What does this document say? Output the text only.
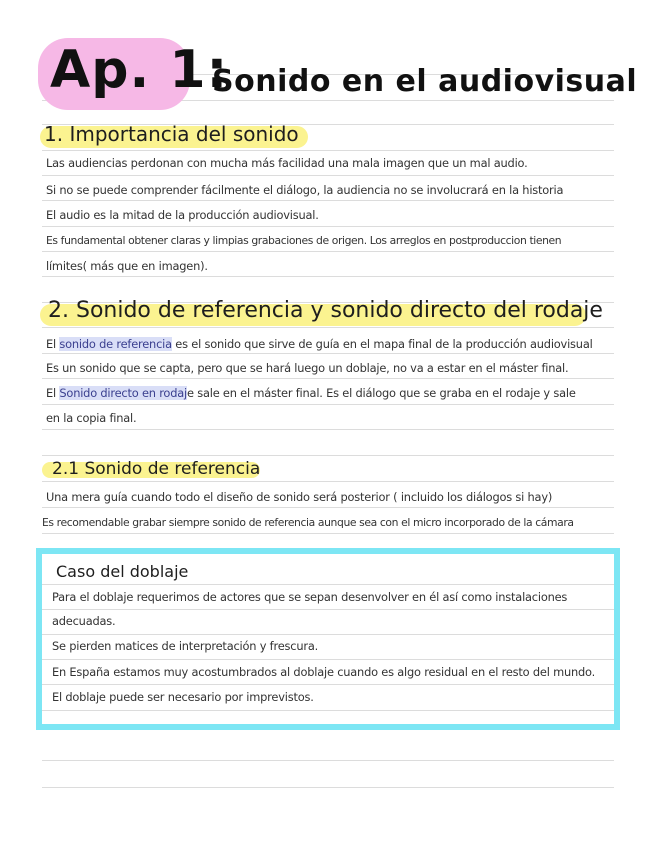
Ap. 1:
Sonido en el audiovisual
1. Importancia del sonido
Las audiencias perdonan con mucha más facilidad una mala imagen que un mal audio.
Si no se puede comprender fácilmente el diálogo, la audiencia no se involucrará en la historia
El audio es la mitad de la producción audiovisual.
Es fundamental obtener claras y limpias grabaciones de origen. Los arreglos en postproduccion tienen
límites( más que en imagen).
2. Sonido de referencia y sonido directo del rodaje
El sonido de referencia es el sonido que sirve de guía en el mapa final de la producción audiovisual
Es un sonido que se capta, pero que se hará luego un doblaje, no va a estar en el máster final.
El Sonido directo en rodaje sale en el máster final. Es el diálogo que se graba en el rodaje y sale
en la copia final.
2.1 Sonido de referencia
Una mera guía cuando todo el diseño de sonido será posterior ( incluido los diálogos si hay)
Es recomendable grabar siempre sonido de referencia aunque sea con el micro incorporado de la cámara
Caso del doblaje
Para el doblaje requerimos de actores que se sepan desenvolver en él así como instalaciones
adecuadas.
Se pierden matices de interpretación y frescura.
En España estamos muy acostumbrados al doblaje cuando es algo residual en el resto del mundo.
El doblaje puede ser necesario por imprevistos.
